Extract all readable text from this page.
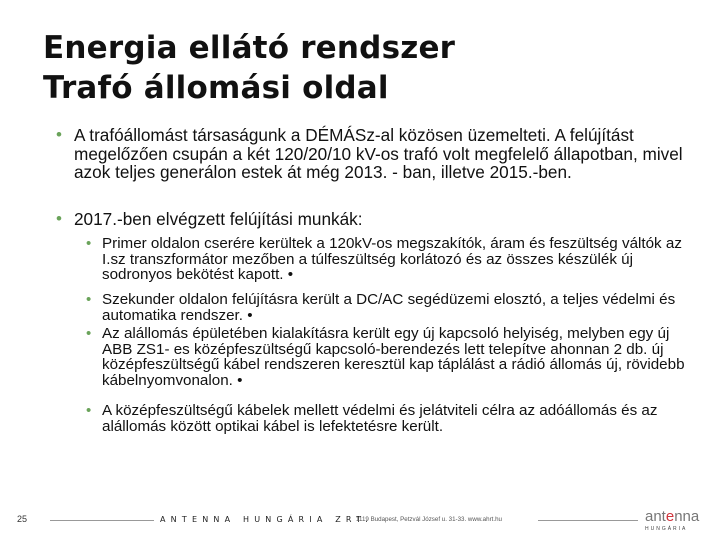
Energia ellátó rendszer
Trafó állomási oldal
• A trafóállomást társaságunk a DÉMÁSz-al közösen üzemelteti. A felújítást megelőzően csupán a két 120/20/10 kV-os trafó volt megfelelő állapotban, mivel azok teljes generálon estek át még 2013. - ban, illetve 2015.-ben.
• 2017.-ben elvégzett felújítási munkák:
• Primer oldalon cserére kerültek a 120kV-os megszakítók, áram és feszültség váltók az I.sz transzformátor mezőben a túlfeszültség korlátozó és az összes készülék új sodronyos bekötést kapott. •
• Szekunder oldalon felújításra került a DC/AC segédüzemi elosztó, a teljes védelmi és automatika rendszer. •
• Az alállomás épületében kialakításra került egy új kapcsoló helyiség, melyben egy új ABB ZS1- es középfeszültségű kapcsoló-berendezés lett telepítve ahonnan 2 db. új középfeszültségű kábel rendszeren keresztül kap táplálást a rádió állomás új, rövidebb kábelnyomvonalon. •
• A középfeszültségű kábelek mellett védelmi és jelátviteli célra az adóállomás és az alállomás között optikai kábel is lefektetésre került.
25	ANTENNA HUNGÁRIA ZRT.
1119 Budapest, Petzvál József u. 31-33. www.ahrt.hu	antenna
HUNGÁRIA
